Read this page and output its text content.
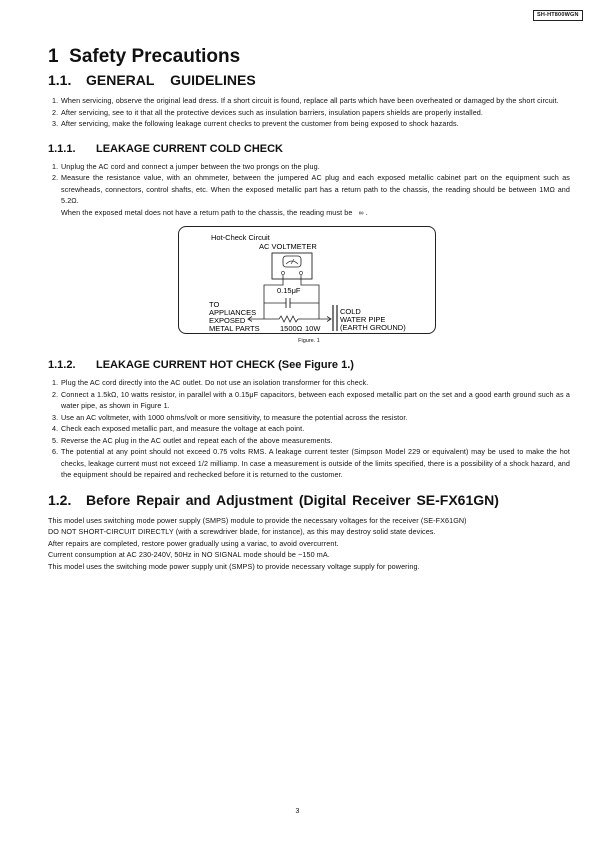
SH-HT800WGN
1 Safety Precautions
1.1. GENERAL GUIDELINES
1. When servicing, observe the original lead dress. If a short circuit is found, replace all parts which have been overheated or damaged by the short circuit.
2. After servicing, see to it that all the protective devices such as insulation barriers, insulation papers shields are properly installed.
3. After servicing, make the following leakage current checks to prevent the customer from being exposed to shock hazards.
1.1.1. LEAKAGE CURRENT COLD CHECK
1. Unplug the AC cord and connect a jumper between the two prongs on the plug.
2. Measure the resistance value, with an ohmmeter, between the jumpered AC plug and each exposed metallic cabinet part on the equipment such as screwheads, connectors, control shafts, etc. When the exposed metallic part has a return path to the chassis, the reading should be between 1MΩ and 5.2Ω.
When the exposed metal does not have a return path to the chassis, the reading must be ∞ .
Hot-Check Circuit
AC VOLTMETER
0.15μF
TO
APPLIANCES
EXPOSED
METAL PARTS	1500Ω 10W
COLD
WATER PIPE
(EARTH GROUND)
Figure. 1
1.1.2. LEAKAGE CURRENT HOT CHECK (See Figure 1.)
1. Plug the AC cord directly into the AC outlet. Do not use an isolation transformer for this check.
2. Connect a 1.5kΩ, 10 watts resistor, in parallel with a 0.15μF capacitors, between each exposed metallic part on the set and a good earth ground such as a water pipe, as shown in Figure 1.
3. Use an AC voltmeter, with 1000 ohms/volt or more sensitivity, to measure the potential across the resistor.
4. Check each exposed metallic part, and measure the voltage at each point.
5. Reverse the AC plug in the AC outlet and repeat each of the above measurements.
6. The potential at any point should not exceed 0.75 volts RMS. A leakage current tester (Simpson Model 229 or equivalent) may be used to make the hot checks, leakage current must not exceed 1/2 milliamp. In case a measurement is outside of the limits specified, there is a possibility of a shock hazard, and the equipment should be repaired and rechecked before it is returned to the customer.
1.2. Before Repair and Adjustment (Digital Receiver SE-FX61GN)

This model uses switching mode power supply (SMPS) module to provide the necessary voltages for the receiver (SE-FX61GN)

DO NOT SHORT-CIRCUIT DIRECTLY (with a screwdriver blade, for instance), as this may destroy solid state devices.

After repairs are completed, restore power gradually using a variac, to avoid overcurrent.

Current consumption at AC 230-240V, 50Hz in NO SIGNAL mode should be ~150 mA.

This model uses the switching mode power supply unit (SMPS) to provide necessary voltage supply for powering.

3
